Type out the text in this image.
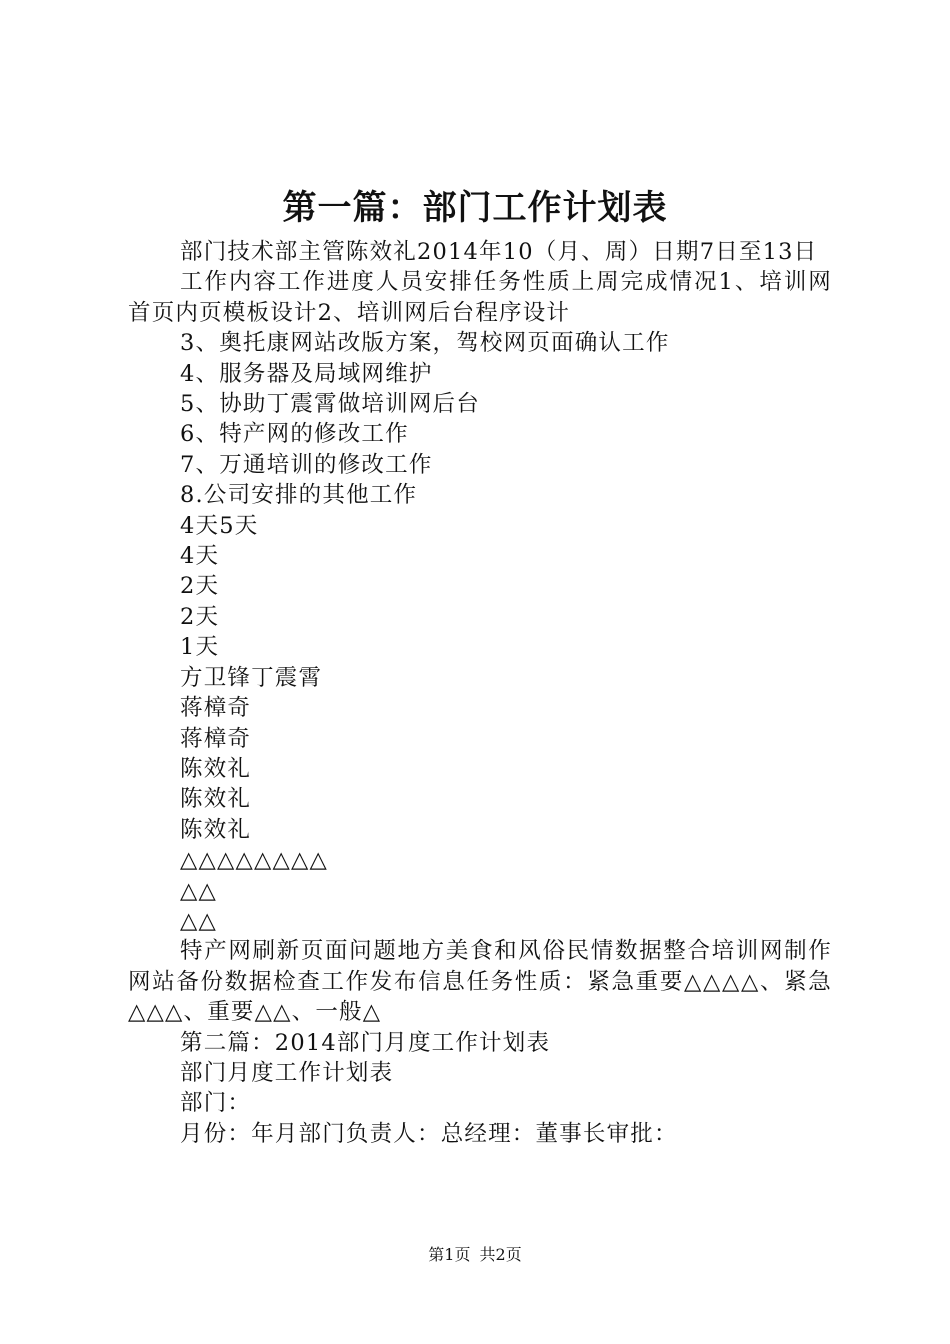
第一篇：部门工作计划表

部门技术部主管陈效礼2014年10（月、周）日期7日至13日

工作内容工作进度人员安排任务性质上周完成情况1、培训网首页内页模板设计2、培训网后台程序设计

3、奥托康网站改版方案，驾校网页面确认工作

4、服务器及局域网维护

5、协助丁震霄做培训网后台

6、特产网的修改工作

7、万通培训的修改工作

8.公司安排的其他工作

4天5天

4天

2天

2天

1天

方卫锋丁震霄

蒋樟奇

蒋樟奇

陈效礼

陈效礼

陈效礼

△△△△△△△△

△△

△△

特产网刷新页面问题地方美食和风俗民情数据整合培训网制作网站备份数据检查工作发布信息任务性质：紧急重要△△△△、紧急△△△、重要△△、一般△

第二篇：2014部门月度工作计划表

部门月度工作计划表

部门：

月份：年月部门负责人：总经理：董事长审批：

第1页 共2页
